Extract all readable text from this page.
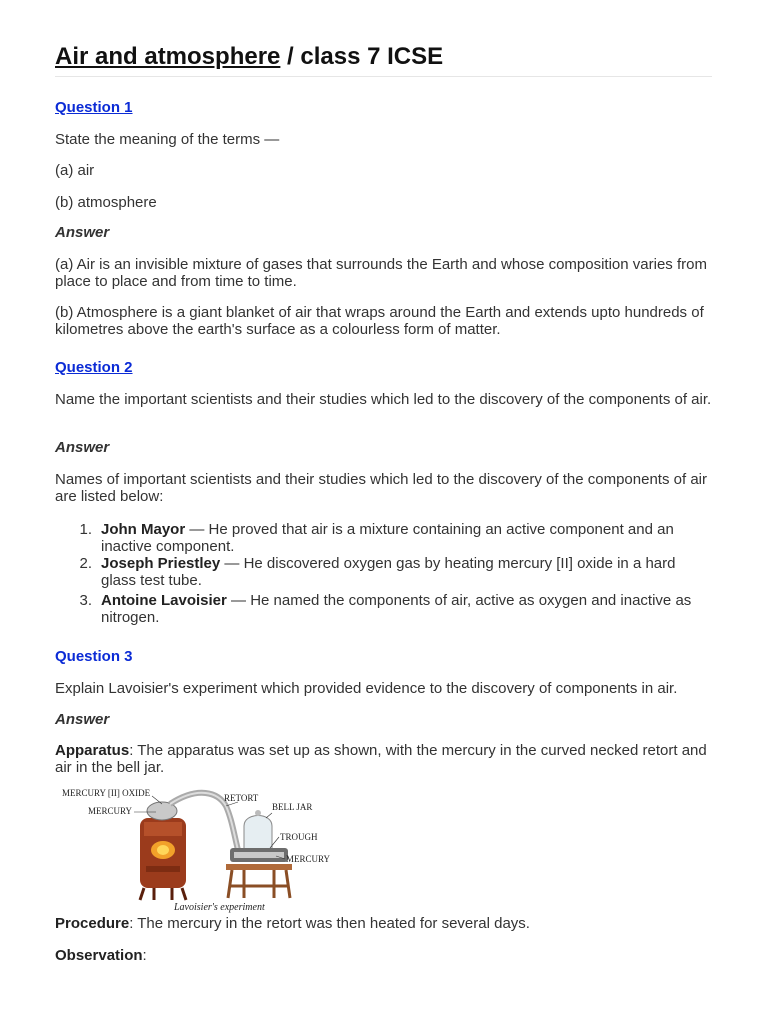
Air and atmosphere / class 7 ICSE
Question 1
State the meaning of the terms —
(a) air
(b) atmosphere
Answer
(a) Air is an invisible mixture of gases that surrounds the Earth and whose composition varies from place to place and from time to time.
(b) Atmosphere is a giant blanket of air that wraps around the Earth and extends upto hundreds of kilometres above the earth's surface as a colourless form of matter.
Question 2
Name the important scientists and their studies which led to the discovery of the components of air.
Answer
Names of important scientists and their studies which led to the discovery of the components of air are listed below:
1. John Mayor — He proved that air is a mixture containing an active component and an inactive component.
2. Joseph Priestley — He discovered oxygen gas by heating mercury [II] oxide in a hard glass test tube.
3. Antoine Lavoisier — He named the components of air, active as oxygen and inactive as nitrogen.
Question 3
Explain Lavoisier's experiment which provided evidence to the discovery of components in air.
Answer
Apparatus: The apparatus was set up as shown, with the mercury in the curved necked retort and air in the bell jar.
MERCURY [II] OXIDE
MERCURY
RETORT
BELL JAR
TROUGH
MERCURY
Lavoisier's experiment
Procedure: The mercury in the retort was then heated for several days.
Observation:
